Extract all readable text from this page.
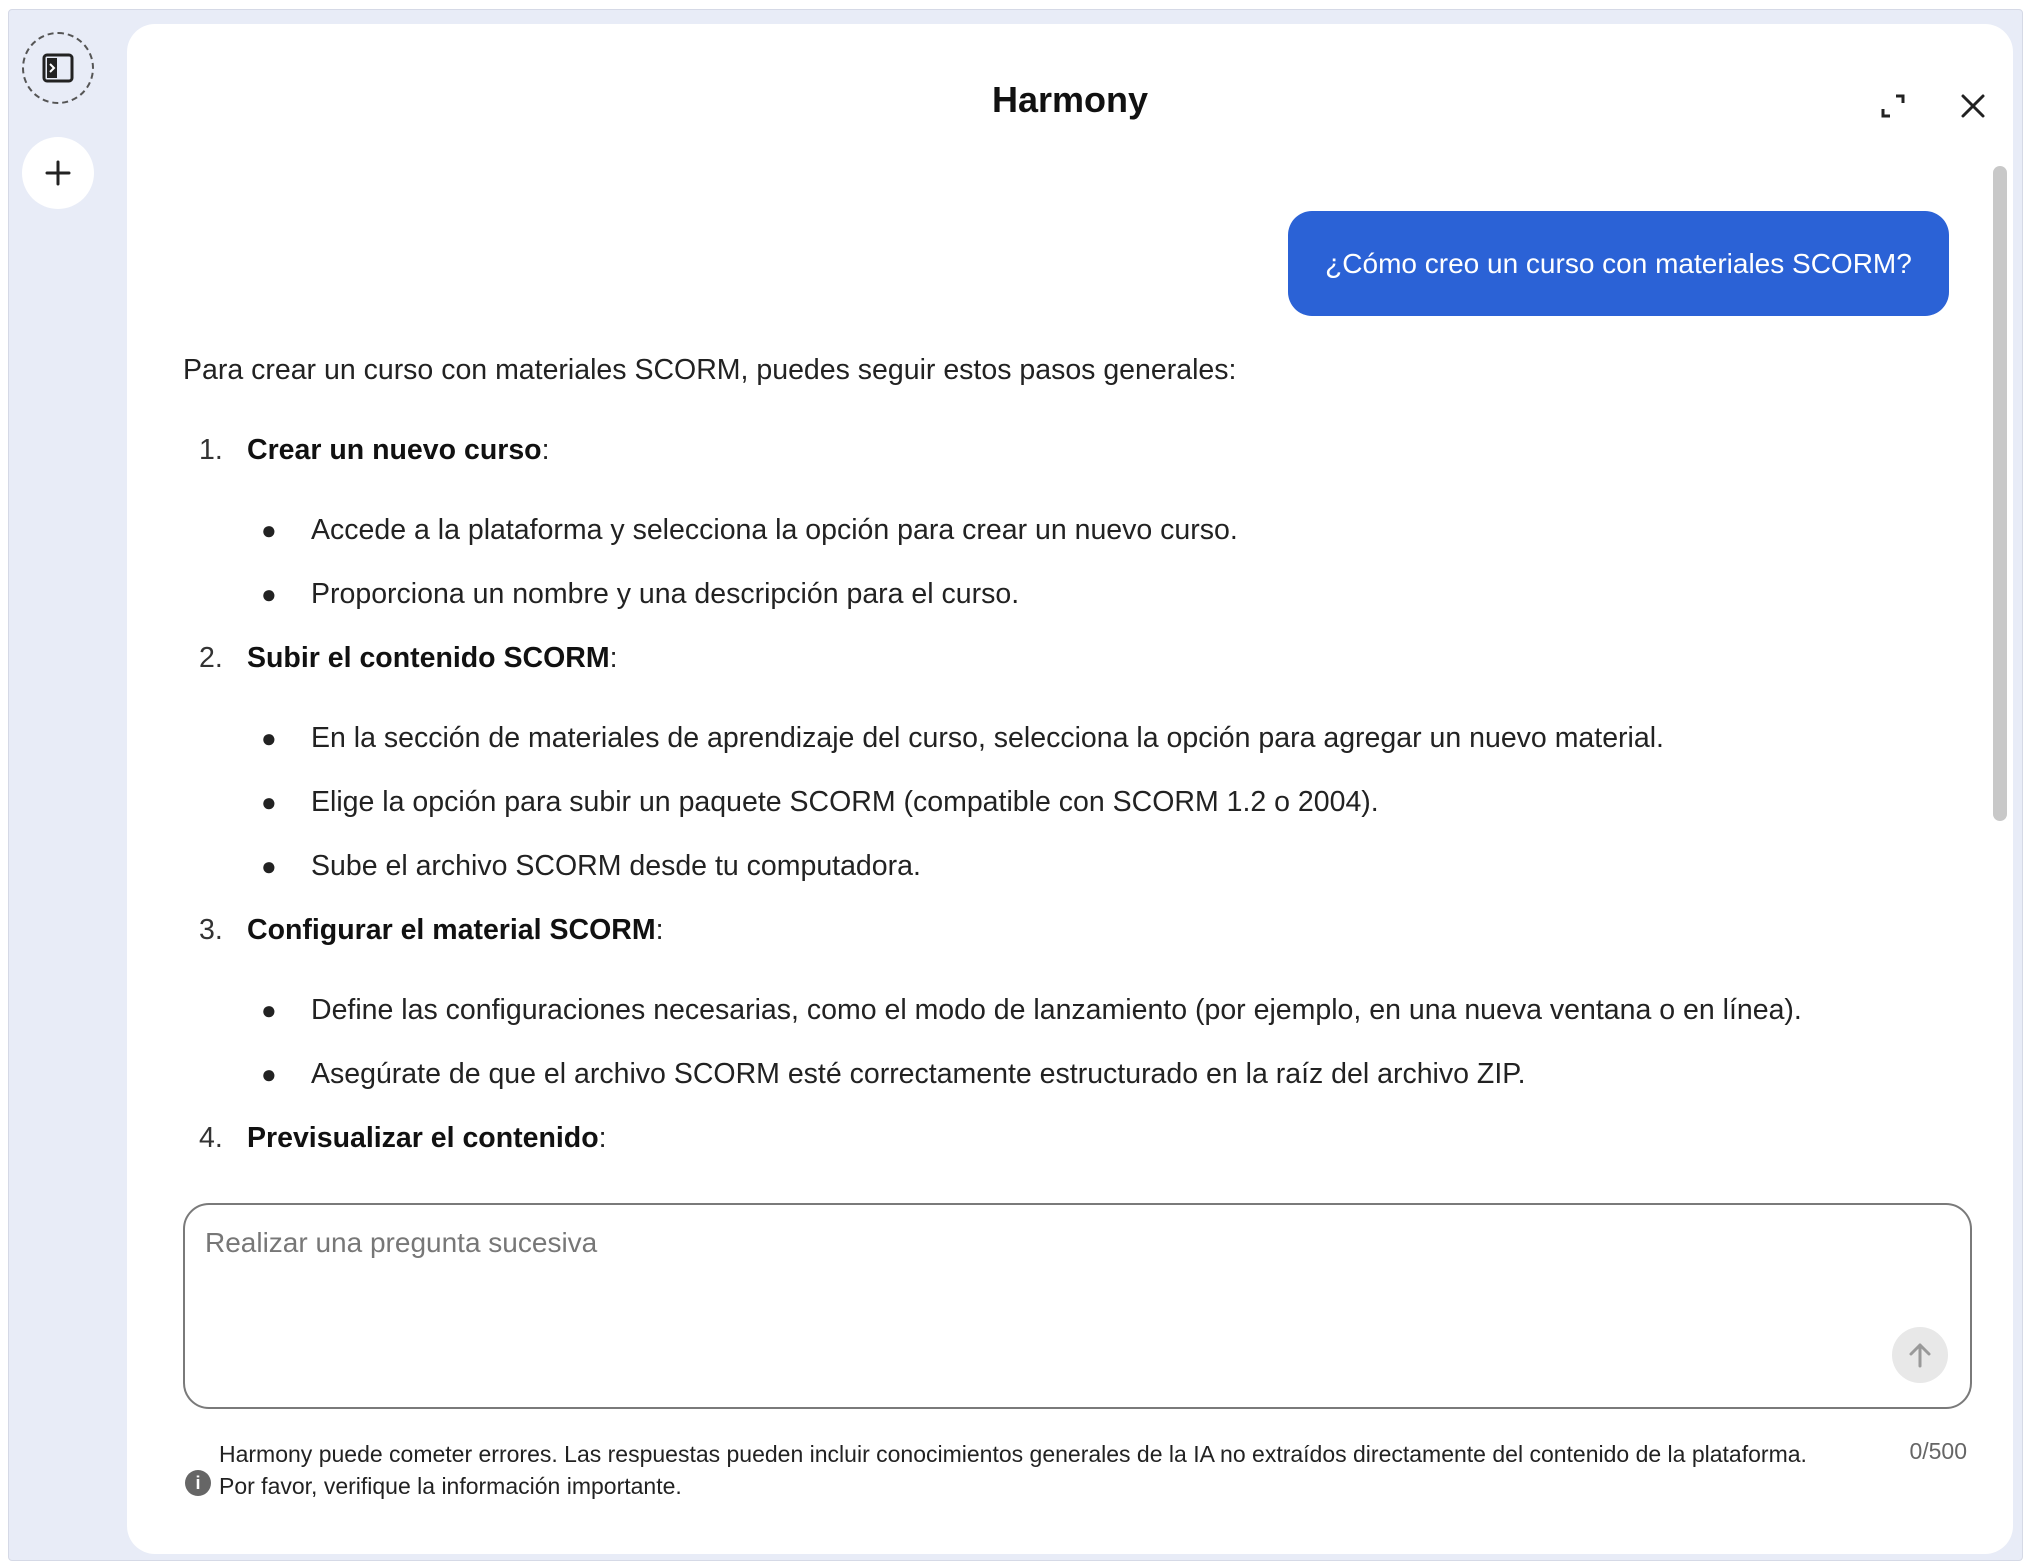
Harmony
¿Cómo creo un curso con materiales SCORM?
Para crear un curso con materiales SCORM, puedes seguir estos pasos generales:
1. Crear un nuevo curso:
● Accede a la plataforma y selecciona la opción para crear un nuevo curso.
● Proporciona un nombre y una descripción para el curso.
2. Subir el contenido SCORM:
● En la sección de materiales de aprendizaje del curso, selecciona la opción para agregar un nuevo material.
● Elige la opción para subir un paquete SCORM (compatible con SCORM 1.2 o 2004).
● Sube el archivo SCORM desde tu computadora.
3. Configurar el material SCORM:
● Define las configuraciones necesarias, como el modo de lanzamiento (por ejemplo, en una nueva ventana o en línea).
● Asegúrate de que el archivo SCORM esté correctamente estructurado en la raíz del archivo ZIP.
4. Previsualizar el contenido:
Realizar una pregunta sucesiva
i
Harmony puede cometer errores. Las respuestas pueden incluir conocimientos generales de la IA no extraídos directamente del contenido de la plataforma.
Por favor, verifique la información importante.
0/500
